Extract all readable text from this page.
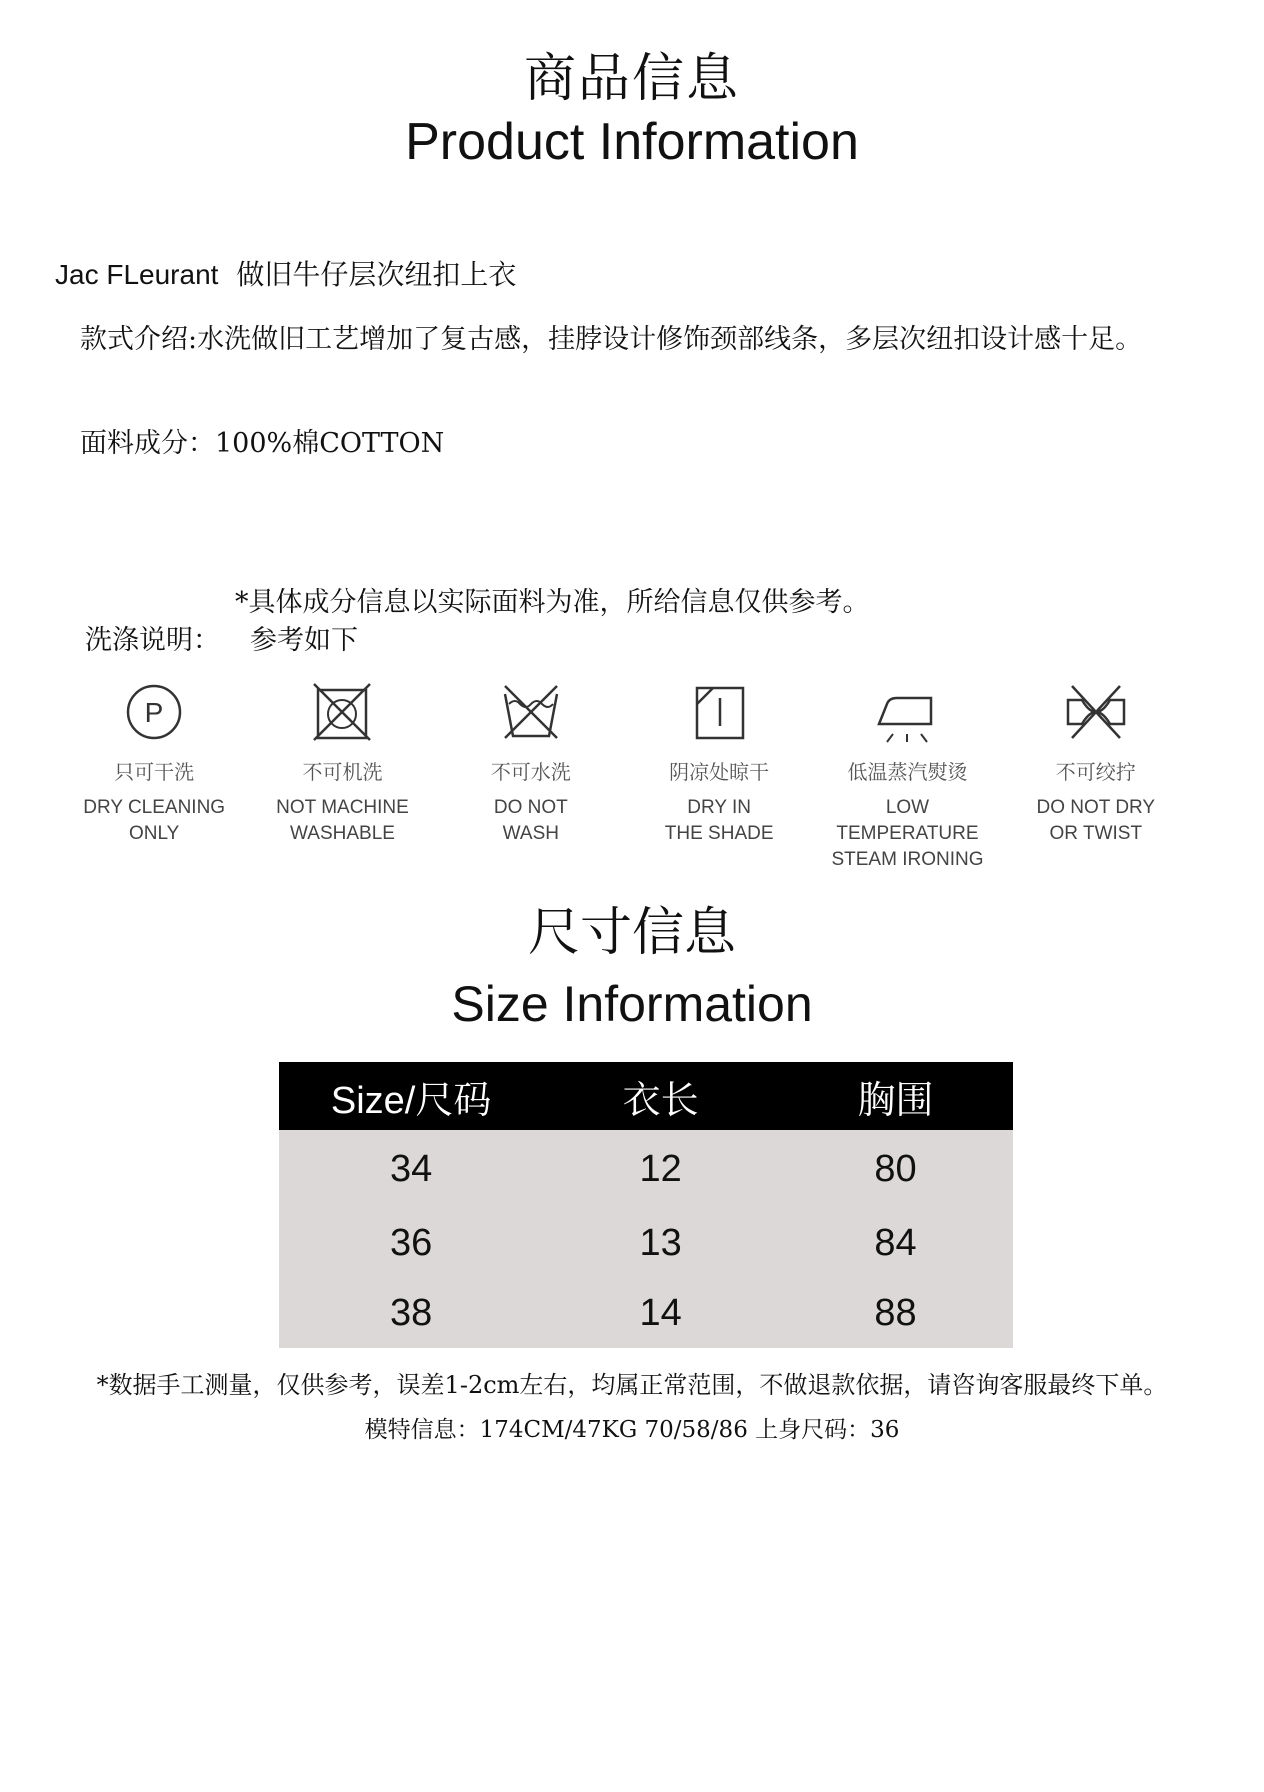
商品信息
Product Information
Jac FLeurant 做旧牛仔层次纽扣上衣
款式介绍:水洗做旧工艺增加了复古感，挂脖设计修饰颈部线条，多层次纽扣设计感十足。
面料成分：100%棉COTTON
*具体成分信息以实际面料为准，所给信息仅供参考。
洗涤说明： 参考如下
P
只可干洗
DRY CLEANING
ONLY
不可机洗
NOT MACHINE
WASHABLE
不可水洗
DO NOT
WASH
阴凉处晾干
DRY IN
THE SHADE
低温蒸汽熨烫
LOW TEMPERATURE
STEAM IRONING
不可绞拧
DO NOT DRY
OR TWIST
尺寸信息
Size Information
Size/尺码	衣长	胸围
34	12	80
36	13	84
38	14	88
*数据手工测量，仅供参考，误差1-2cm左右，均属正常范围，不做退款依据，请咨询客服最终下单。
模特信息：174CM/47KG 70/58/86 上身尺码：36
